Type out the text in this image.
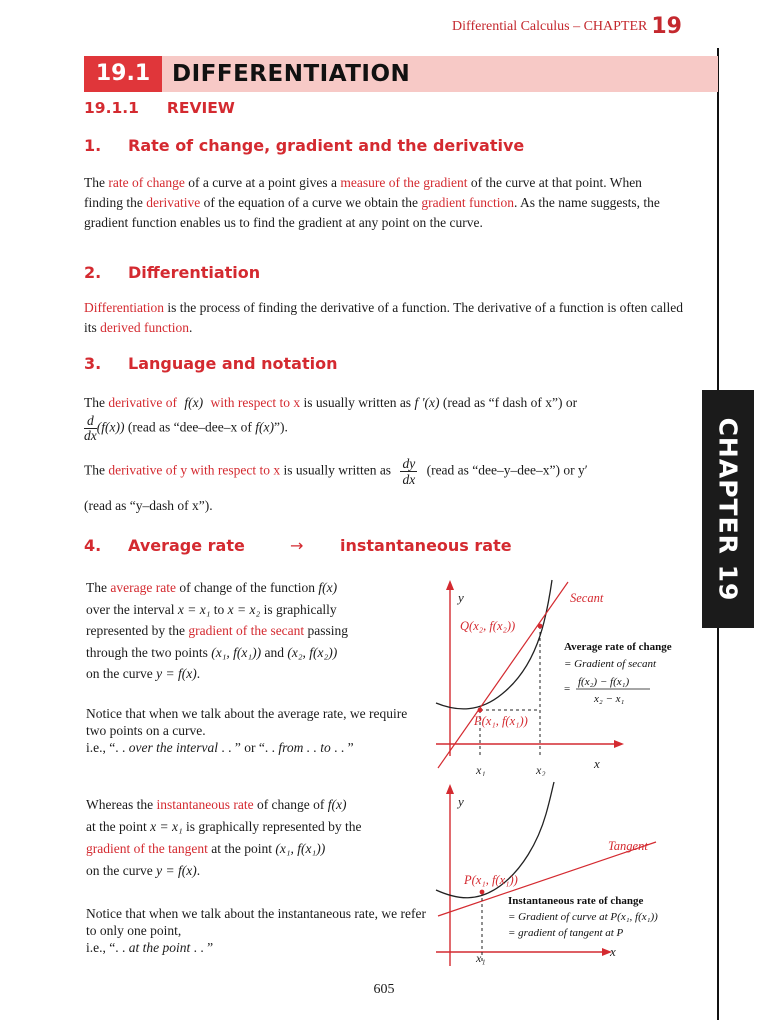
Differential Calculus – CHAPTER 19
CHAPTER 19
19.1 DIFFERENTIATION
19.1.1 REVIEW
1. Rate of change, gradient and the derivative
The rate of change of a curve at a point gives a measure of the gradient of the curve at that point. When finding the derivative of the equation of a curve we obtain the gradient function. As the name suggests, the gradient function enables us to find the gradient at any point on the curve.
2. Differentiation
Differentiation is the process of finding the derivative of a function. The derivative of a function is often called its derived function.
3. Language and notation
The derivative of f(x) with respect to x is usually written as f ′(x) (read as “f dash of x”) or
$\frac{d}{dx} (f(x))$ (read as “dee–dee–x of f(x)”).
The derivative of y with respect to x is usually written as $\frac{dy}{dx}$ (read as “dee–y–dee–x”) or y′
(read as “y–dash of x”).
4. Average rate	→ instantaneous rate
The average rate of change of the function f(x)
over the interval x = x₁ to x = x₂ is graphically
represented by the gradient of the secant passing
through the two points (x₁, f(x₁)) and (x₂, f(x₂))
on the curve y = f(x).
Notice that when we talk about the average rate, we require two points on a curve.
i.e., “. . over the interval . . ” or “. . from . . to . . ”
Whereas the instantaneous rate of change of f(x)
at the point x = x₁ is graphically represented by the
gradient of the tangent at the point (x₁, f(x₁))
on the curve y = f(x).
Notice that when we talk about the instantaneous rate, we refer to only one point,
i.e., “. . at the point . . ”
y
x
x₁	x₂
Secant
Q(x₂, f(x₂))
P(x₁, f(x₁))
Average rate of change
= Gradient of secant
f(x₂) − f(x₁)
=
x₂ − x₁
y
x
x₁
Tangent
P(x₁, f(x₁))
Instantaneous rate of change
= Gradient of curve at P(x₁, f(x₁))
= gradient of tangent at P
605
